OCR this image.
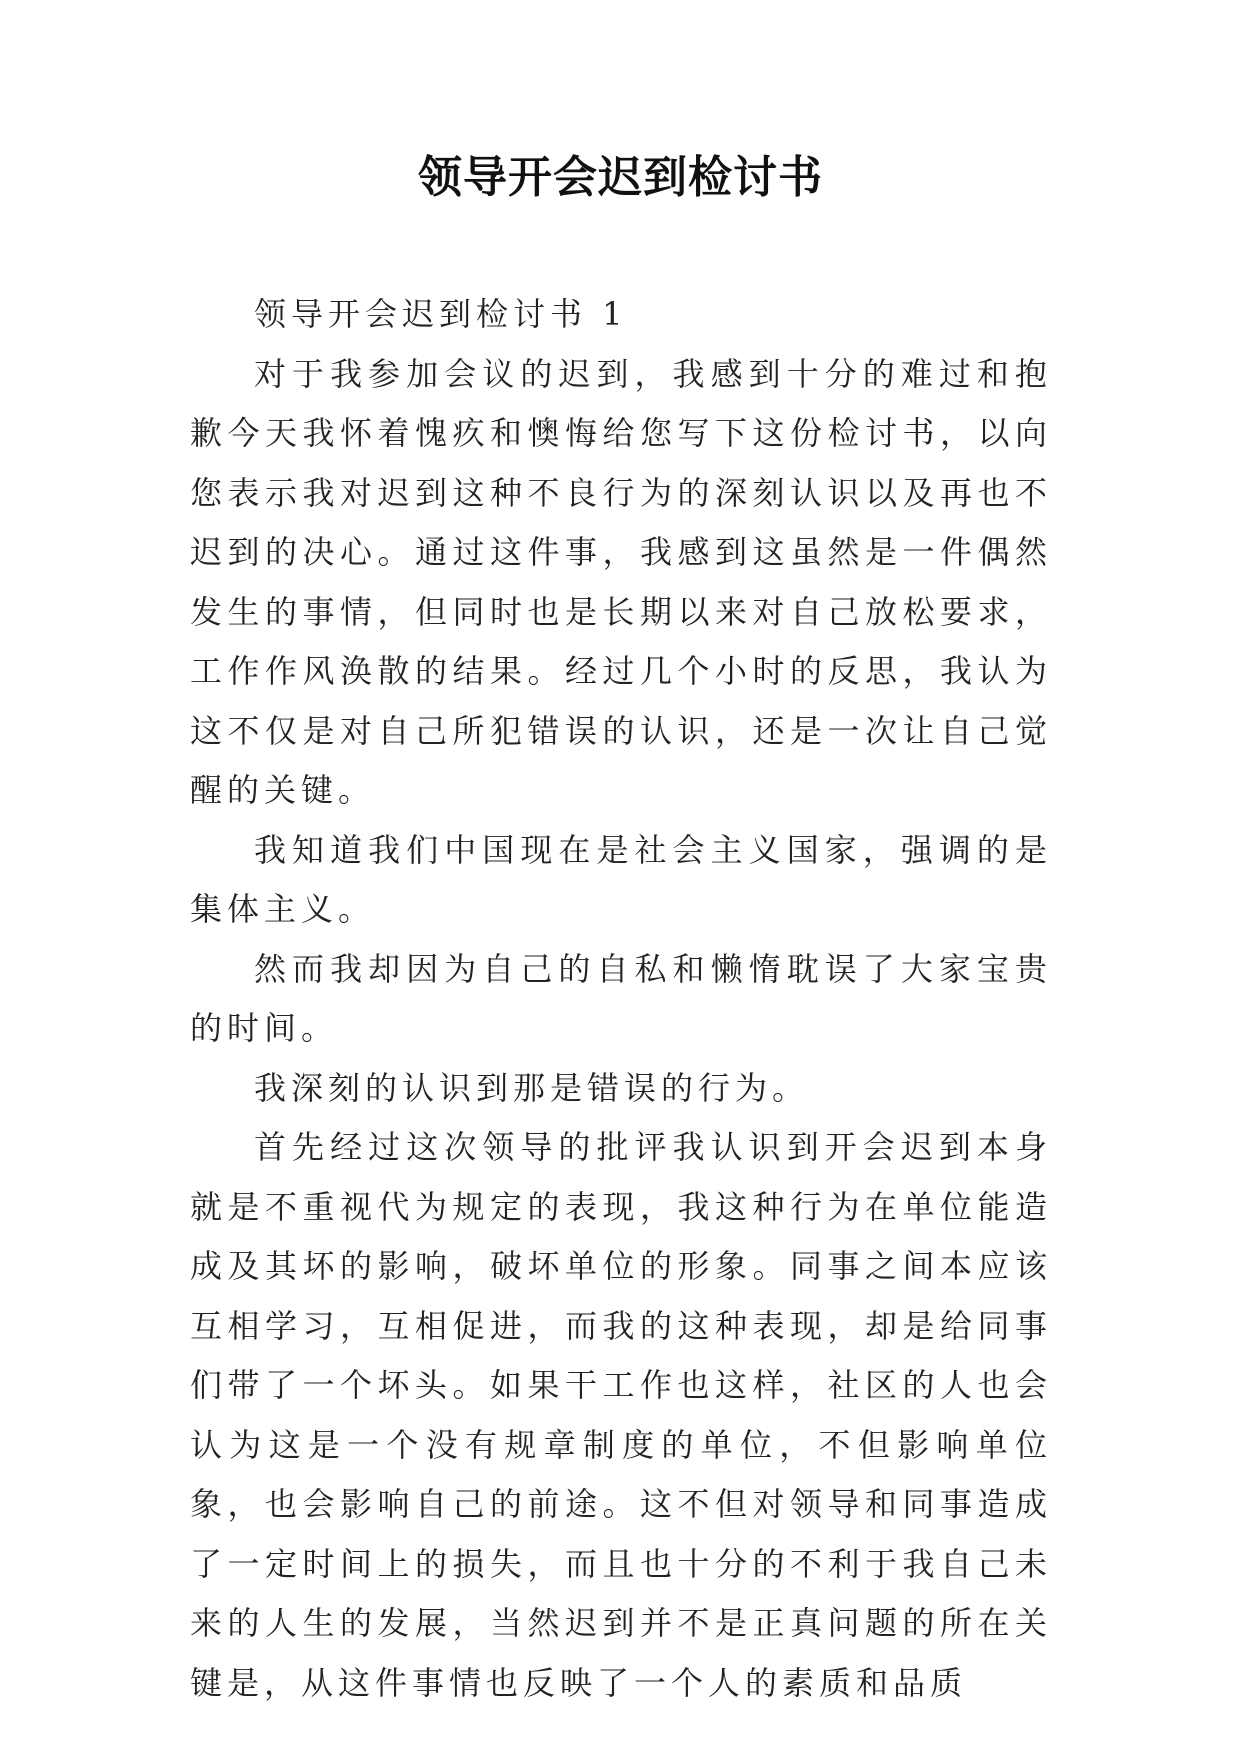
领导开会迟到检讨书

领导开会迟到检讨书 1

对于我参加会议的迟到，我感到十分的难过和抱歉今天我怀着愧疚和懊悔给您写下这份检讨书，以向您表示我对迟到这种不良行为的深刻认识以及再也不迟到的决心。通过这件事，我感到这虽然是一件偶然发生的事情，但同时也是长期以来对自己放松要求，工作作风涣散的结果。经过几个小时的反思，我认为这不仅是对自己所犯错误的认识，还是一次让自己觉醒的关键。

我知道我们中国现在是社会主义国家，强调的是集体主义。

然而我却因为自己的自私和懒惰耽误了大家宝贵的时间。

我深刻的认识到那是错误的行为。

首先经过这次领导的批评我认识到开会迟到本身就是不重视代为规定的表现，我这种行为在单位能造成及其坏的影响，破坏单位的形象。同事之间本应该互相学习，互相促进，而我的这种表现，却是给同事们带了一个坏头。如果干工作也这样，社区的人也会认为这是一个没有规章制度的单位，不但影响单位象，也会影响自己的前途。这不但对领导和同事造成了一定时间上的损失，而且也十分的不利于我自己未来的人生的发展，当然迟到并不是正真问题的所在关键是，从这件事情也反映了一个人的素质和品质
